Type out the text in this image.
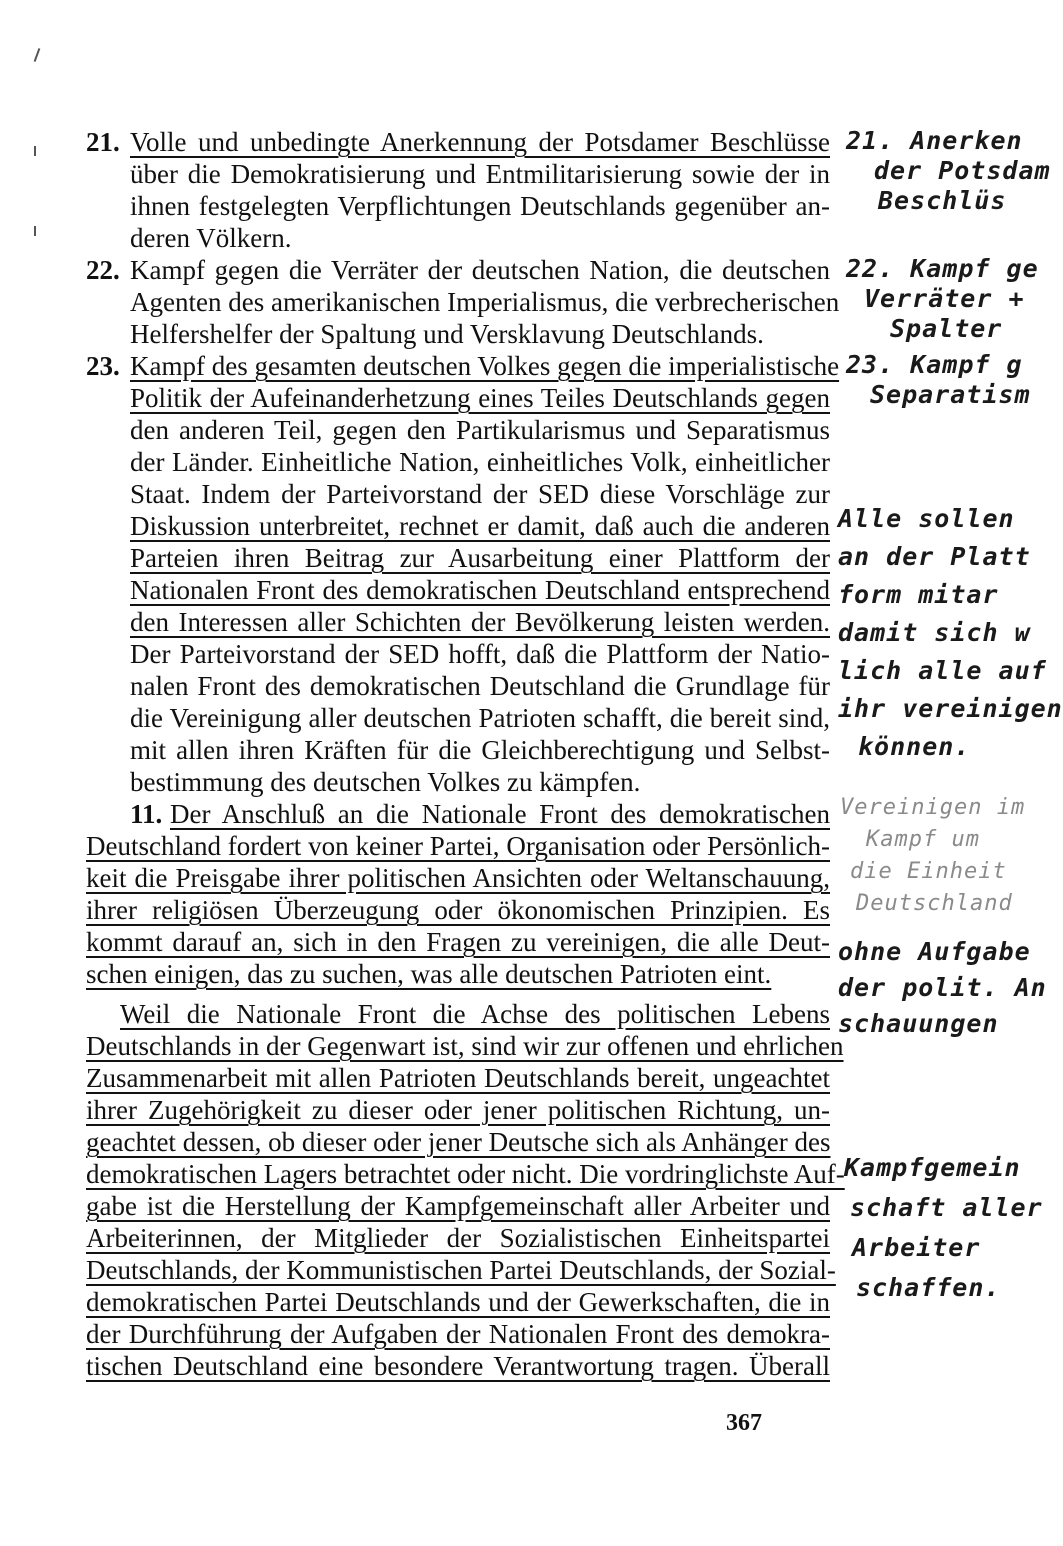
21. Volle und unbedingte Anerkennung der Potsdamer Beschlüsse
über die Demokratisierung und Entmilitarisierung sowie der in
ihnen festgelegten Verpflichtungen Deutschlands gegenüber an-
deren Völkern.
22. Kampf gegen die Verräter der deutschen Nation, die deutschen
Agenten des amerikanischen Imperialismus, die verbrecherischen
Helfershelfer der Spaltung und Versklavung Deutschlands.
23. Kampf des gesamten deutschen Volkes gegen die imperialistische
Politik der Aufeinanderhetzung eines Teiles Deutschlands gegen
den anderen Teil, gegen den Partikularismus und Separatismus
der Länder. Einheitliche Nation, einheitliches Volk, einheitlicher
Staat. Indem der Parteivorstand der SED diese Vorschläge zur
Diskussion unterbreitet, rechnet er damit, daß auch die anderen
Parteien ihren Beitrag zur Ausarbeitung einer Plattform der
Nationalen Front des demokratischen Deutschland entsprechend
den Interessen aller Schichten der Bevölkerung leisten werden.
Der Parteivorstand der SED hofft, daß die Plattform der Natio-
nalen Front des demokratischen Deutschland die Grundlage für
die Vereinigung aller deutschen Patrioten schafft, die bereit sind,
mit allen ihren Kräften für die Gleichberechtigung und Selbst-
bestimmung des deutschen Volkes zu kämpfen.
11. Der Anschluß an die Nationale Front des demokratischen
Deutschland fordert von keiner Partei, Organisation oder Persönlich-
keit die Preisgabe ihrer politischen Ansichten oder Weltanschauung,
ihrer religiösen Überzeugung oder ökonomischen Prinzipien. Es
kommt darauf an, sich in den Fragen zu vereinigen, die alle Deut-
schen einigen, das zu suchen, was alle deutschen Patrioten eint.
Weil die Nationale Front die Achse des politischen Lebens
Deutschlands in der Gegenwart ist, sind wir zur offenen und ehrlichen
Zusammenarbeit mit allen Patrioten Deutschlands bereit, ungeachtet
ihrer Zugehörigkeit zu dieser oder jener politischen Richtung, un-
geachtet dessen, ob dieser oder jener Deutsche sich als Anhänger des
demokratischen Lagers betrachtet oder nicht. Die vordringlichste Auf-
gabe ist die Herstellung der Kampfgemeinschaft aller Arbeiter und
Arbeiterinnen, der Mitglieder der Sozialistischen Einheitspartei
Deutschlands, der Kommunistischen Partei Deutschlands, der Sozial-
demokratischen Partei Deutschlands und der Gewerkschaften, die in
der Durchführung der Aufgaben der Nationalen Front des demokra-
tischen Deutschland eine besondere Verantwortung tragen. Überall
367
21. Anerken
der Potsdam
Beschlüs
22. Kampf ge
Verräter +
Spalter
23. Kampf g
Separatism
Alle sollen
an der Platt
form mitar
damit sich w
lich alle auf
ihr vereinigen
können.
Vereinigen im
Kampf um
die Einheit
Deutschland
ohne Aufgabe
der polit. An
schauungen
Kampfgemein
schaft aller
Arbeiter
schaffen.
